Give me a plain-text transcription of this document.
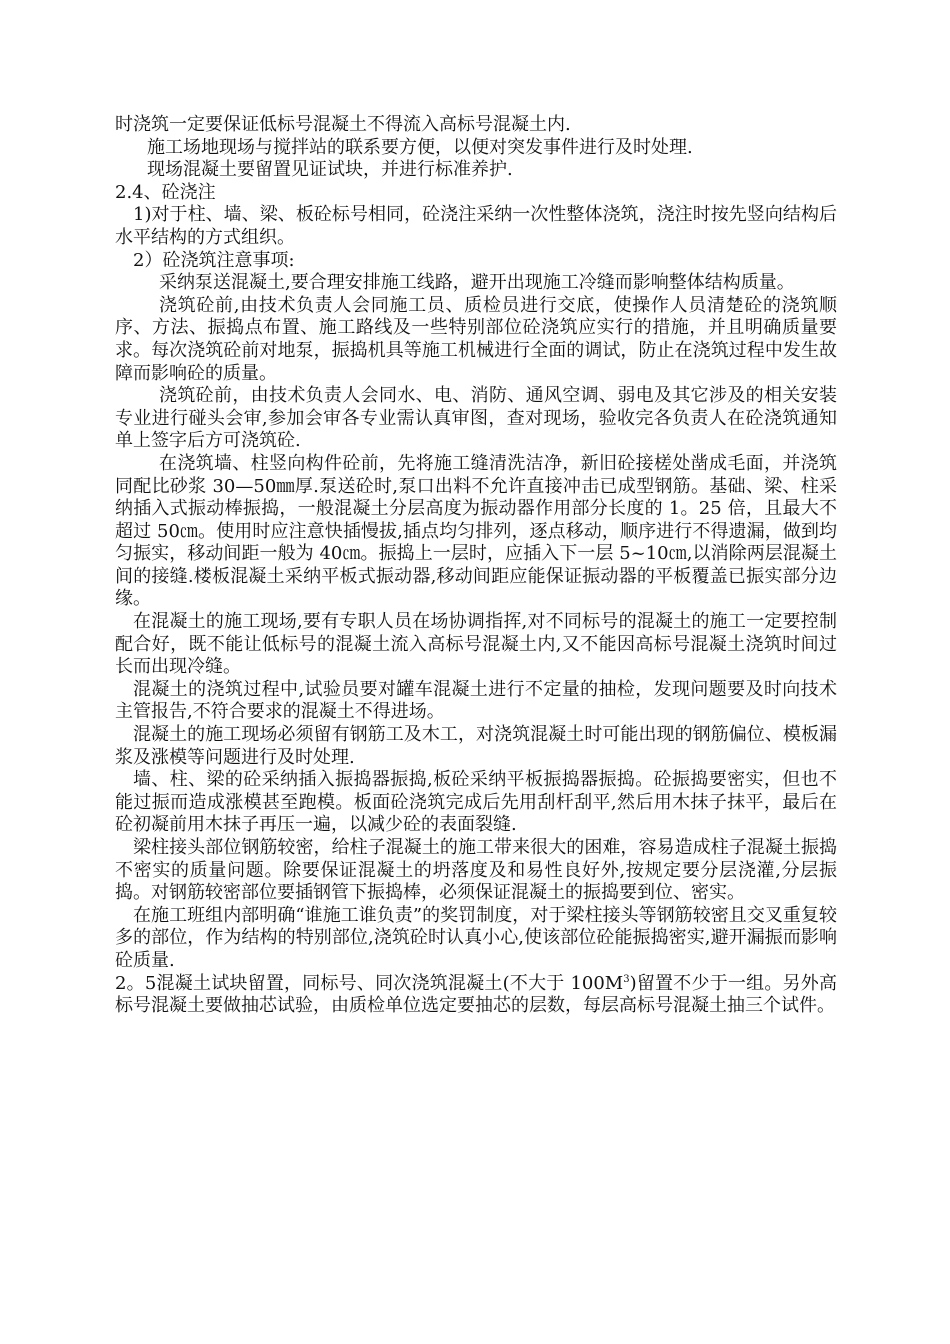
时浇筑一定要保证低标号混凝土不得流入高标号混凝土内.

施工场地现场与搅拌站的联系要方便，以便对突发事件进行及时处理.

现场混凝土要留置见证试块，并进行标准养护.

2.4、砼浇注

1)对于柱、墙、梁、板砼标号相同，砼浇注采纳一次性整体浇筑，浇注时按先竖向结构后水平结构的方式组织。

2）砼浇筑注意事项:

采纳泵送混凝土,要合理安排施工线路，避开出现施工冷缝而影响整体结构质量。

浇筑砼前,由技术负责人会同施工员、质检员进行交底，使操作人员清楚砼的浇筑顺序、方法、振捣点布置、施工路线及一些特别部位砼浇筑应实行的措施，并且明确质量要求。每次浇筑砼前对地泵，振捣机具等施工机械进行全面的调试，防止在浇筑过程中发生故障而影响砼的质量。

浇筑砼前，由技术负责人会同水、电、消防、通风空调、弱电及其它涉及的相关安装专业进行碰头会审,参加会审各专业需认真审图，查对现场，验收完各负责人在砼浇筑通知单上签字后方可浇筑砼.

在浇筑墙、柱竖向构件砼前，先将施工缝清洗洁净，新旧砼接槎处凿成毛面，并浇筑同配比砂浆 30—50㎜厚.泵送砼时,泵口出料不允许直接冲击已成型钢筋。基础、梁、柱采纳插入式振动棒振捣，一般混凝土分层高度为振动器作用部分长度的 1。25 倍，且最大不超过 50㎝。使用时应注意快插慢拔,插点均匀排列，逐点移动，顺序进行不得遗漏，做到均匀振实，移动间距一般为 40㎝。振捣上一层时，应插入下一层 5~10㎝,以消除两层混凝土间的接缝.楼板混凝土采纳平板式振动器,移动间距应能保证振动器的平板覆盖已振实部分边缘。

在混凝土的施工现场,要有专职人员在场协调指挥,对不同标号的混凝土的施工一定要控制配合好，既不能让低标号的混凝土流入高标号混凝土内,又不能因高标号混凝土浇筑时间过长而出现冷缝。

混凝土的浇筑过程中,试验员要对罐车混凝土进行不定量的抽检，发现问题要及时向技术主管报告,不符合要求的混凝土不得进场。

混凝土的施工现场必须留有钢筋工及木工，对浇筑混凝土时可能出现的钢筋偏位、模板漏浆及涨模等问题进行及时处理.

墙、柱、梁的砼采纳插入振捣器振捣,板砼采纳平板振捣器振捣。砼振捣要密实，但也不能过振而造成涨模甚至跑模。板面砼浇筑完成后先用刮杆刮平,然后用木抹子抹平，最后在砼初凝前用木抹子再压一遍，以减少砼的表面裂缝.

梁柱接头部位钢筋较密，给柱子混凝土的施工带来很大的困难，容易造成柱子混凝土振捣不密实的质量问题。除要保证混凝土的坍落度及和易性良好外,按规定要分层浇灌,分层振捣。对钢筋较密部位要插钢管下振捣棒，必须保证混凝土的振捣要到位、密实。

在施工班组内部明确“谁施工谁负责”的奖罚制度，对于梁柱接头等钢筋较密且交叉重复较多的部位，作为结构的特别部位,浇筑砼时认真小心,使该部位砼能振捣密实,避开漏振而影响砼质量.

2。5混凝土试块留置，同标号、同次浇筑混凝土(不大于 $100M^3$)留置不少于一组。另外高标号混凝土要做抽芯试验，由质检单位选定要抽芯的层数，每层高标号混凝土抽三个试件。
